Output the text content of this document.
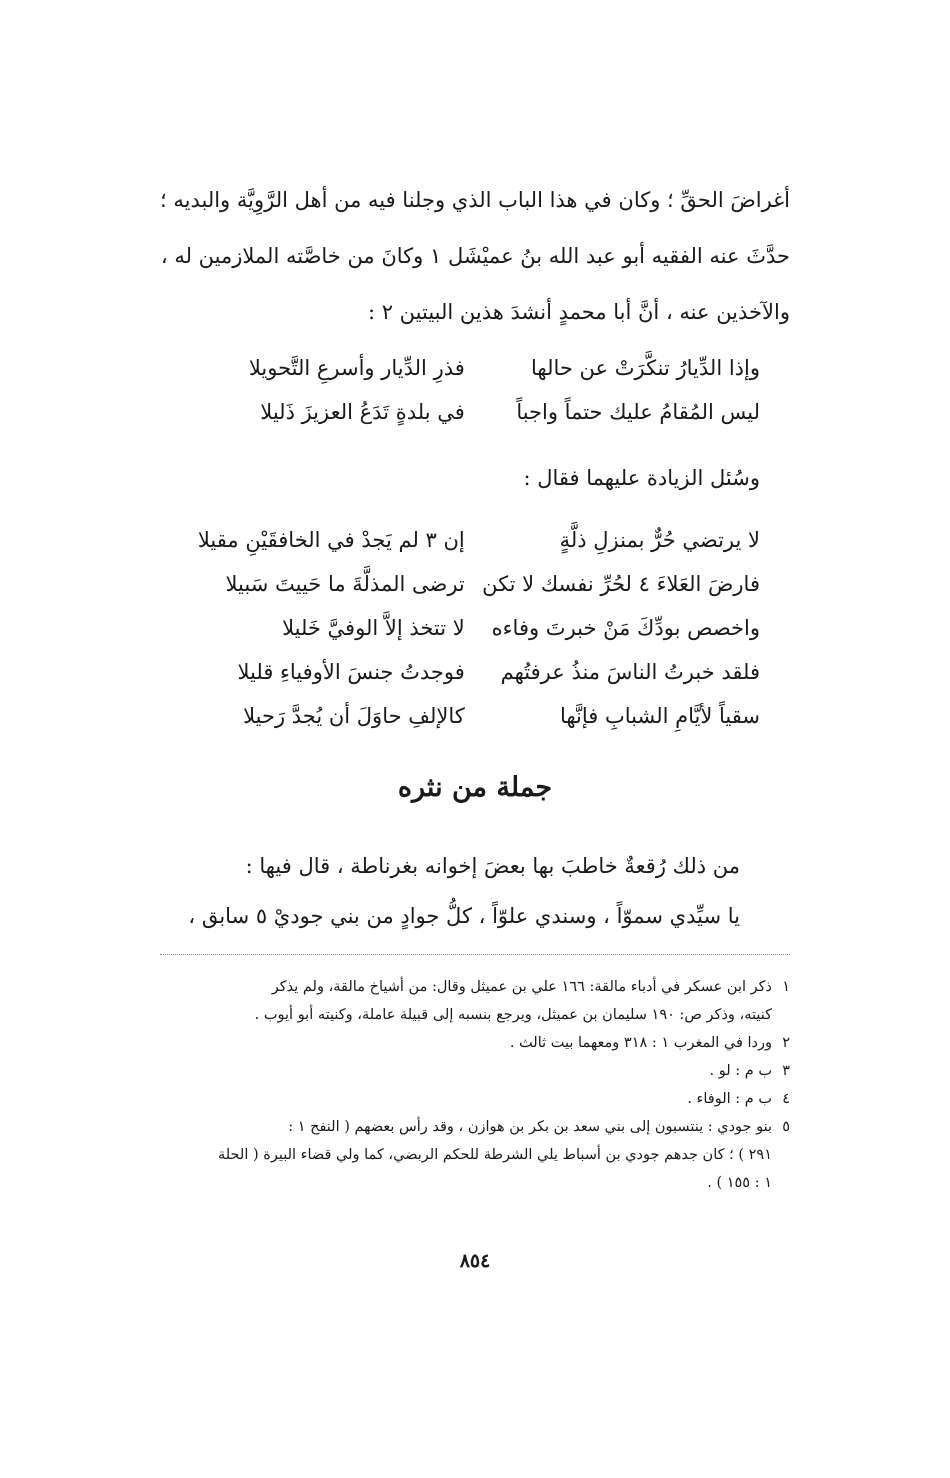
أغراضَ الحقِّ ؛ وكان في هذا الباب الذي وجلنا فيه من أهل الرَّوِيَّة والبديه ؛
حدَّثَ عنه الفقيه أبو عبد الله بنُ عميْشَل ١ وكانَ من خاصَّته الملازمين له ،
والآخذين عنه ، أنَّ أبا محمدٍ أنشدَ هذين البيتين ٢ :
وإذا الدِّيارُ تنكَّرَتْ عن حالها
فذرِ الدِّيار وأسرعِ التَّحويلا
ليس المُقامُ عليك حتماً واجباً
في بلدةٍ تَدَعُ العزيزَ ذَليلا
وسُئل الزيادة عليهما فقال :
لا يرتضي حُرٌّ بمنزلِ ذلَّةٍ
إن ٣ لم يَجدْ في الخافقَيْنِ مقيلا
فارضَ العَلاءَ ٤ لحُرِّ نفسك لا تكن
ترضى المذلَّةَ ما حَييتَ سَبيلا
واخصص بودِّكَ مَنْ خبرتَ وفاءه
لا تتخذ إلاَّ الوفيَّ خَليلا
فلقد خبرتُ الناسَ منذُ عرفتُهم
فوجدتُ جنسَ الأوفياءِ قليلا
سقياً لأيَّامِ الشبابِ فإنَّها
كالإلفِ حاوَلَ أن يُجدَّ رَحيلا
جملة من نثره
من ذلك رُقعةٌ خاطبَ بها بعضَ إخوانه بغرناطة ، قال فيها :
يا سيِّدي سموّاً ، وسندي علوّاً ، كلُّ جوادٍ من بني جوديْ ٥ سابق ،
١ذكر ابن عسكر في أدباء مالقة: ١٦٦ علي بن عميثل وقال: من أشياخ مالقة، ولم يذكر
كنيته، وذكر ص: ١٩٠ سليمان بن عميثل، ويرجع بنسبه إلى قبيلة عاملة، وكنيته أبو أيوب .
٢وردا في المغرب ١ : ٣١٨ ومعهما بيت ثالث .
٣ب م : لو .
٤ب م : الوفاء .
٥بنو جودي : ينتسبون إلى بني سعد بن بكر بن هوازن ، وقد رأس بعضهم ( النفح ١ :
٢٩١ ) ؛ كان جدهم جودي بن أسباط يلي الشرطة للحكم الربضي، كما ولي قضاء البيرة ( الحلة
١ : ١٥٥ ) .
٨٥٤
